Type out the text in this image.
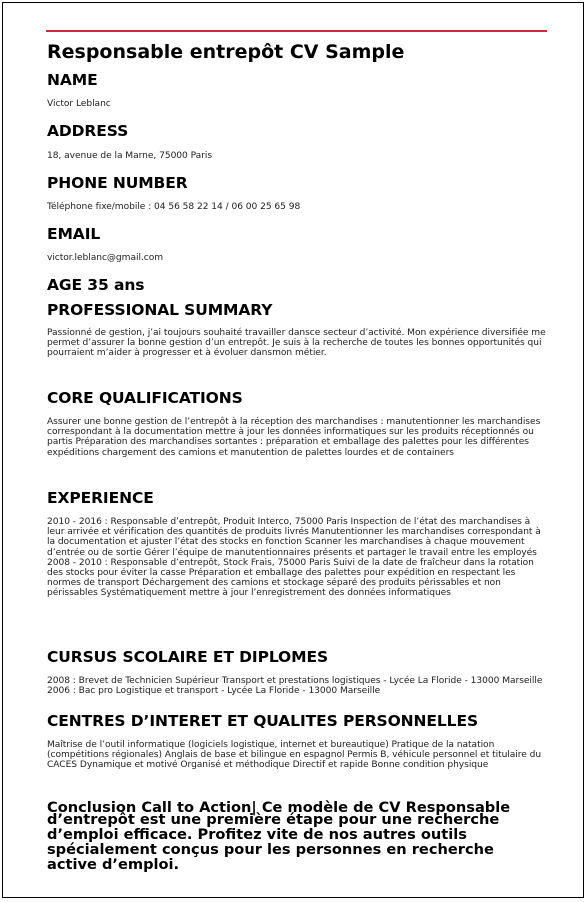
Responsable entrepôt CV Sample
NAME
Victor Leblanc
ADDRESS
18, avenue de la Marne, 75000 Paris
PHONE NUMBER
Téléphone fixe/mobile : 04 56 58 22 14 / 06 00 25 65 98
EMAIL
victor.leblanc@gmail.com
AGE 35 ans
PROFESSIONAL SUMMARY
Passionné de gestion, j’ai toujours souhaité travailler dansce secteur d’activité. Mon expérience diversifiée me permet d’assurer la bonne gestion d’un entrepôt. Je suis à la recherche de toutes les bonnes opportunités qui pourraient m’aider à progresser et à évoluer dansmon métier.
CORE QUALIFICATIONS
Assurer une bonne gestion de l’entrepôt à la réception des marchandises : manutentionner les marchandises correspondant à la documentation mettre à jour les données informatiques sur les produits réceptionnés ou partis Préparation des marchandises sortantes : préparation et emballage des palettes pour les différentes expéditions chargement des camions et manutention de palettes lourdes et de containers
EXPERIENCE
2010 - 2016 : Responsable d’entrepôt, Produit Interco, 75000 Paris Inspection de l’état des marchandises à leur arrivée et vérification des quantités de produits livrés Manutentionner les marchandises correspondant à la documentation et ajuster l’état des stocks en fonction Scanner les marchandises à chaque mouvement d’entrée ou de sortie Gérer l’équipe de manutentionnaires présents et partager le travail entre les employés 2008 - 2010 : Responsable d’entrepôt, Stock Frais, 75000 Paris Suivi de la date de fraîcheur dans la rotation des stocks pour éviter la casse Préparation et emballage des palettes pour expédition en respectant les normes de transport Déchargement des camions et stockage séparé des produits périssables et non périssables Systématiquement mettre à jour l’enregistrement des données informatiques
CURSUS SCOLAIRE ET DIPLOMES
2008 : Brevet de Technicien Supérieur Transport et prestations logistiques - Lycée La Floride - 13000 Marseille 2006 : Bac pro Logistique et transport - Lycée La Floride - 13000 Marseille
CENTRES D’INTERET ET QUALITES PERSONNELLES
Maîtrise de l’outil informatique (logiciels logistique, internet et bureautique) Pratique de la natation (compétitions régionales) Anglais de base et bilingue en espagnol Permis B, véhicule personnel et titulaire du CACES Dynamique et motivé Organisé et méthodique Directif et rapide Bonne condition physique
Conclusion Call to Action| Ce modèle de CV Responsable
d’entrepôt est une première étape pour une recherche d’emploi efficace. Profitez vite de nos autres outils spécialement conçus pour les personnes en recherche active d’emploi.
